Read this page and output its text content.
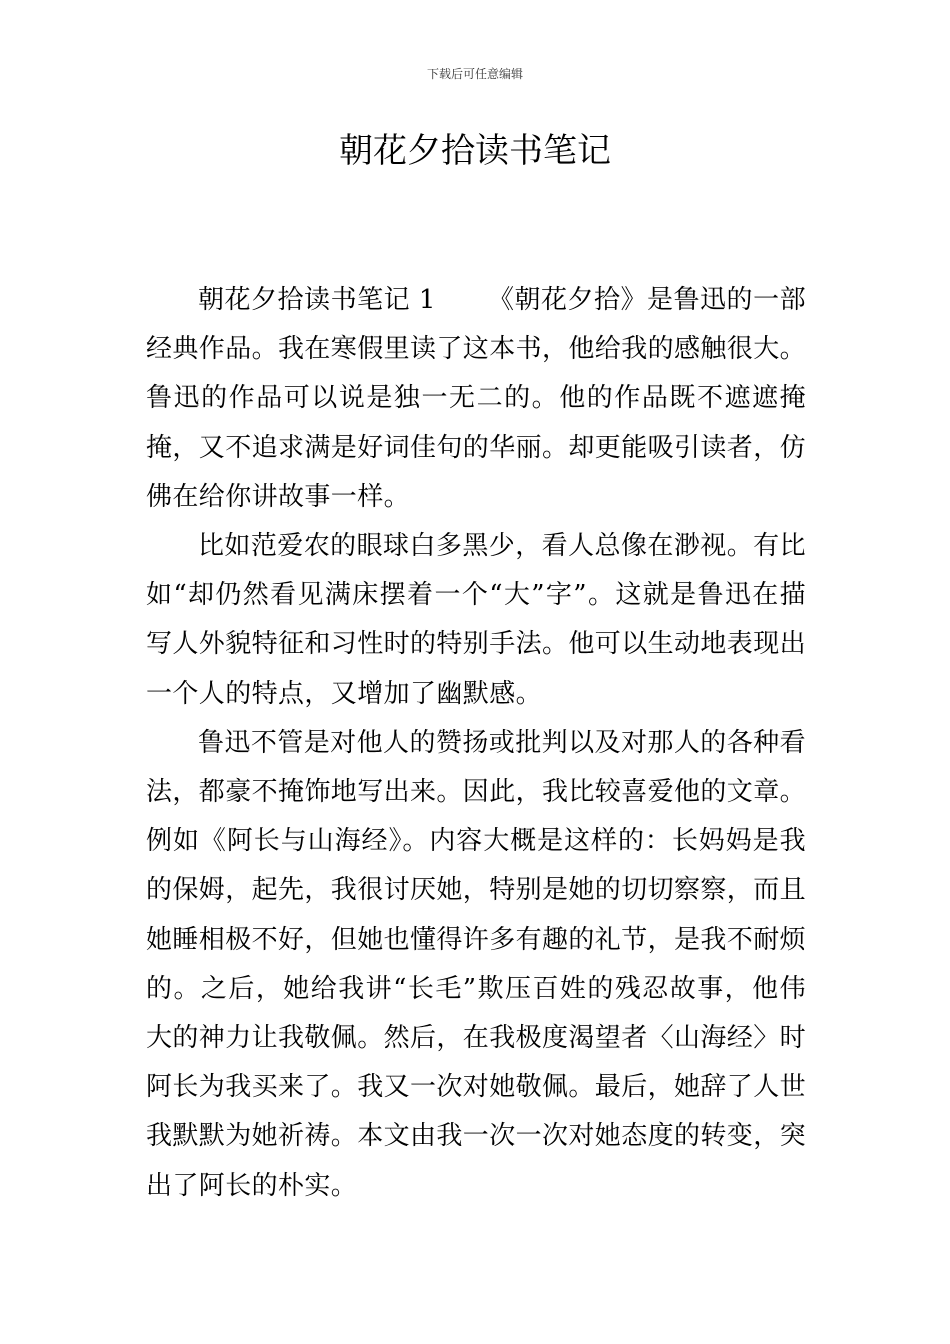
下载后可任意编辑
朝花夕拾读书笔记

朝花夕拾读书笔记 1 《朝花夕拾》是鲁迅的一部经典作品。我在寒假里读了这本书，他给我的感触很大。鲁迅的作品可以说是独一无二的。他的作品既不遮遮掩掩，又不追求满是好词佳句的华丽。却更能吸引读者，仿佛在给你讲故事一样。

比如范爱农的眼球白多黑少，看人总像在渺视。有比如“却仍然看见满床摆着一个“大”字”。这就是鲁迅在描写人外貌特征和习性时的特别手法。他可以生动地表现出一个人的特点，又增加了幽默感。

鲁迅不管是对他人的赞扬或批判以及对那人的各种看法，都豪不掩饰地写出来。因此，我比较喜爱他的文章。例如《阿长与山海经》。内容大概是这样的：长妈妈是我的保姆，起先，我很讨厌她，特别是她的切切察察，而且她睡相极不好，但她也懂得许多有趣的礼节，是我不耐烦的。之后，她给我讲“长毛”欺压百姓的残忍故事，他伟大的神力让我敬佩。然后，在我极度渴望者〈山海经〉时阿长为我买来了。我又一次对她敬佩。最后，她辞了人世我默默为她祈祷。本文由我一次一次对她态度的转变，突出了阿长的朴实。
